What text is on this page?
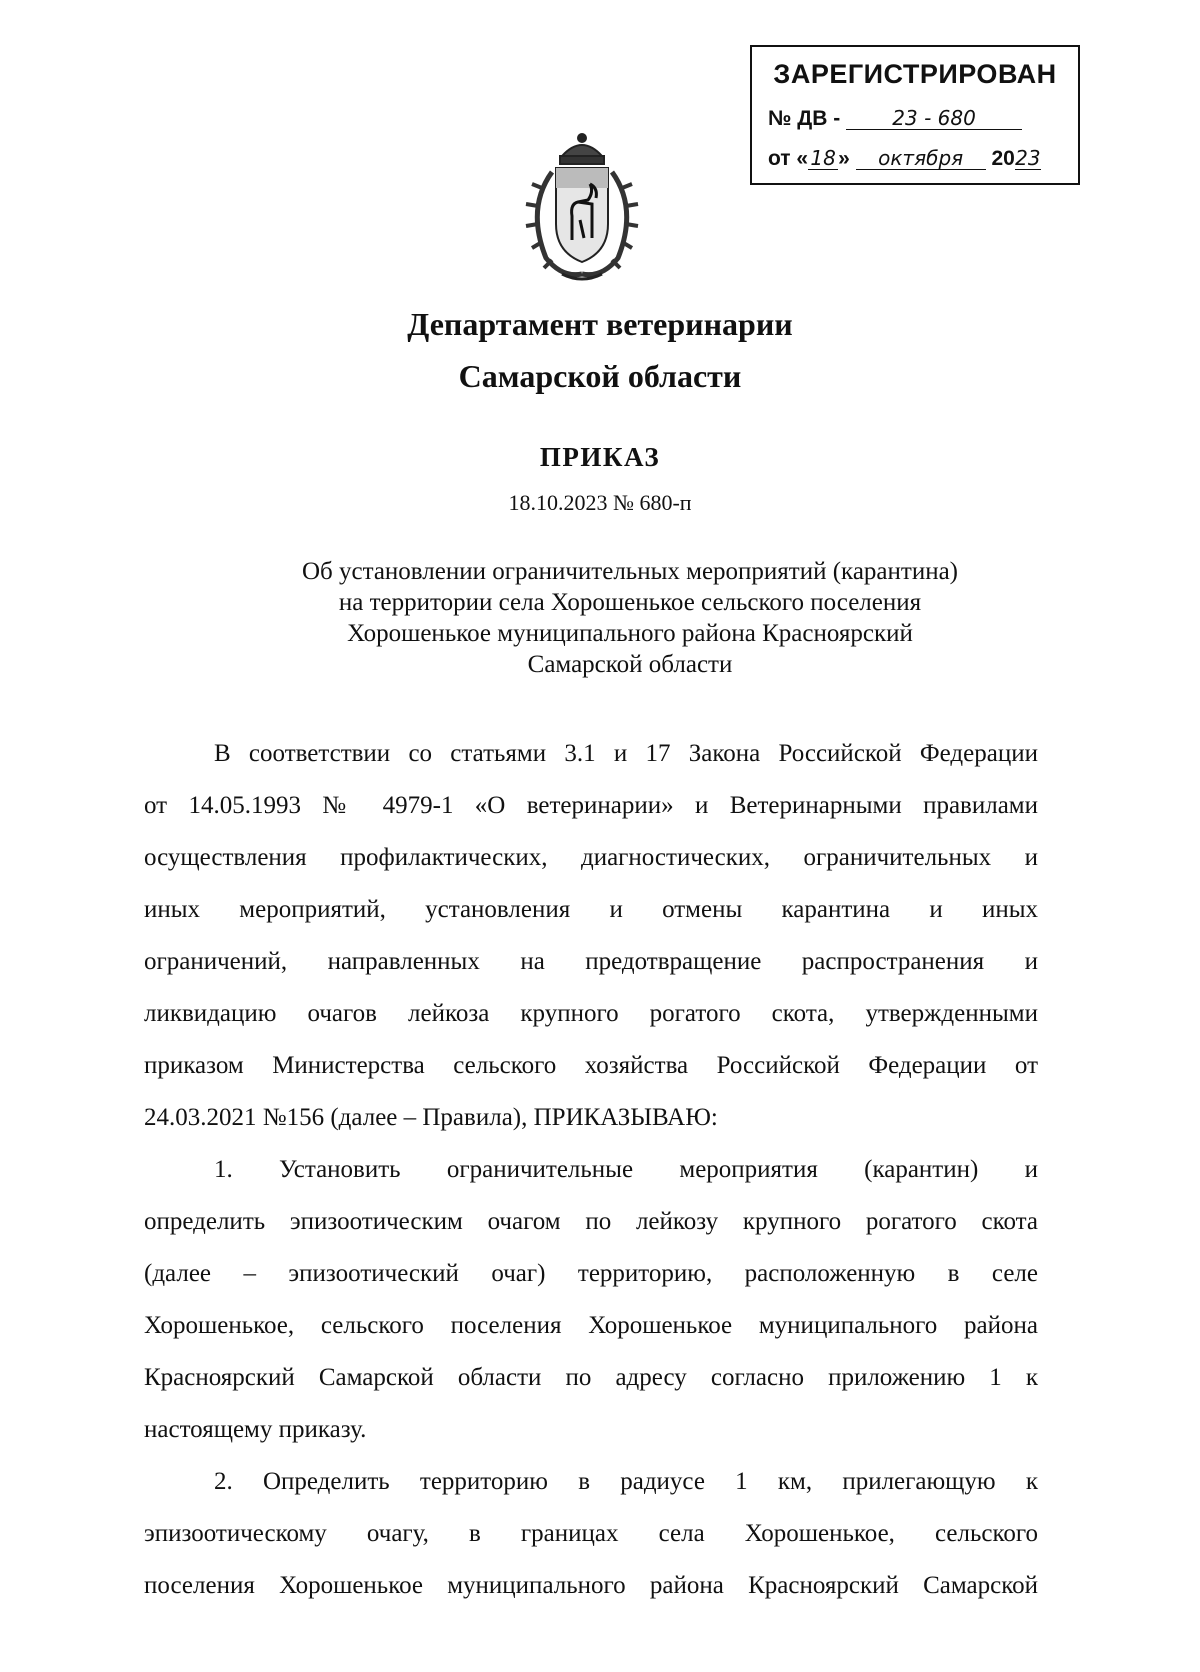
ЗАРЕГИСТРИРОВАН
№ ДВ -	23 - 680
от « 18 » октября 2023
Департамент ветеринарии
Самарской области
ПРИКАЗ
18.10.2023 № 680-п
Об установлении ограничительных мероприятий (карантина)
на территории села Хорошенькое сельского поселения
Хорошенькое муниципального района Красноярский
Самарской области

В соответствии со статьями 3.1 и 17 Закона Российской Федерации
от 14.05.1993 № 4979-1 «О ветеринарии» и Ветеринарными правилами
осуществления профилактических, диагностических, ограничительных и
иных мероприятий, установления и отмены карантина и иных
ограничений, направленных на предотвращение распространения и
ликвидацию очагов лейкоза крупного рогатого скота, утвержденными
приказом Министерства сельского хозяйства Российской Федерации от
24.03.2021 №156 (далее – Правила), ПРИКАЗЫВАЮ:

1. Установить ограничительные мероприятия (карантин) и
определить эпизоотическим очагом по лейкозу крупного рогатого скота
(далее – эпизоотический очаг) территорию, расположенную в селе
Хорошенькое, сельского поселения Хорошенькое муниципального района
Красноярский Самарской области по адресу согласно приложению 1 к
настоящему приказу.

2. Определить территорию в радиусе 1 км, прилегающую к
эпизоотическому очагу, в границах села Хорошенькое, сельского
поселения Хорошенькое муниципального района Красноярский Самарской
